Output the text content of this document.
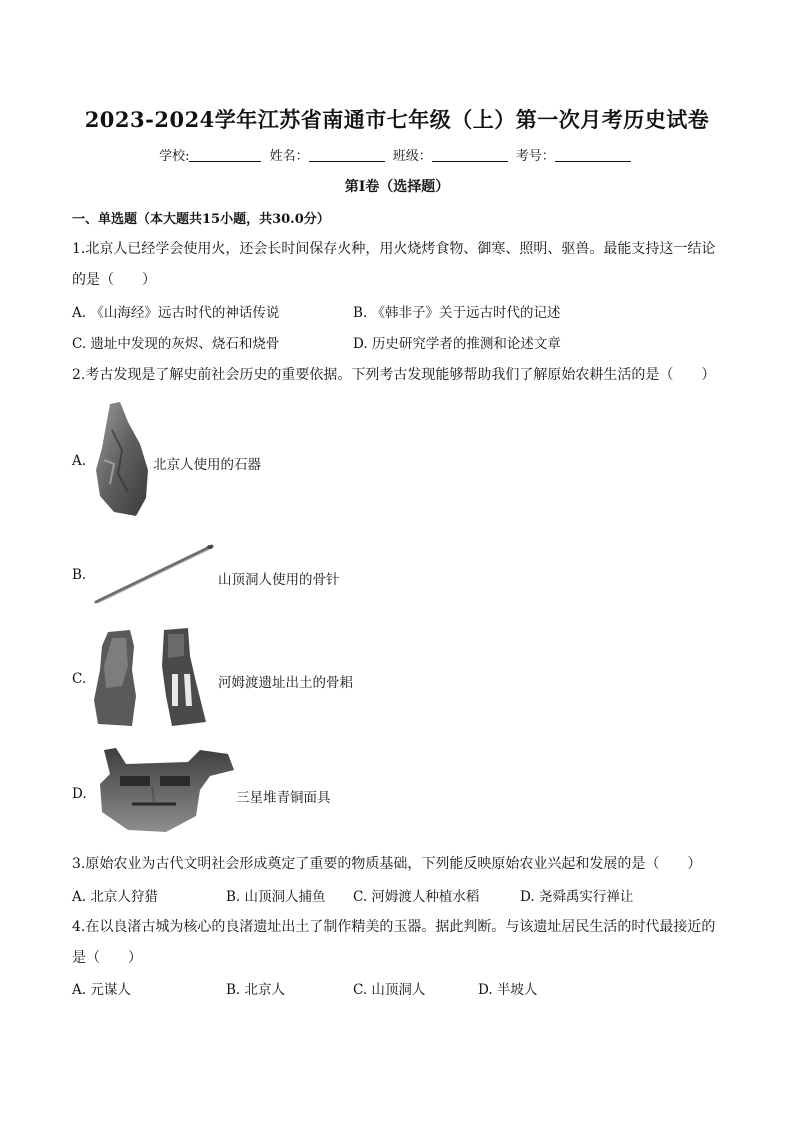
2023-2024学年江苏省南通市七年级（上）第一次月考历史试卷
学校:	姓名：	班级：	考号：
第I卷（选择题）
一、单选题（本大题共15小题，共30.0分）
1.北京人已经学会使用火，还会长时间保存火种，用火烧烤食物、御寒、照明、驱兽。最能支持这一结论
的是（　　）
A. 《山海经》远古时代的神话传说	B. 《韩非子》关于远古时代的记述
C. 遗址中发现的灰烬、烧石和烧骨	D. 历史研究学者的推测和论述文章
2.考古发现是了解史前社会历史的重要依据。下列考古发现能够帮助我们了解原始农耕生活的是（　　）
A.	北京人使用的石器
B.	山顶洞人使用的骨针
C.	河姆渡遗址出土的骨耜
D.	三星堆青铜面具
3.原始农业为古代文明社会形成奠定了重要的物质基础，下列能反映原始农业兴起和发展的是（　　）
A. 北京人狩猎	B. 山顶洞人捕鱼 C. 河姆渡人种植水稻	D. 尧舜禹实行禅让
4.在以良渚古城为核心的良渚遗址出土了制作精美的玉器。据此判断。与该遗址居民生活的时代最接近的
是（　　）
A. 元谋人	B. 北京人	C. 山顶洞人	D. 半坡人
